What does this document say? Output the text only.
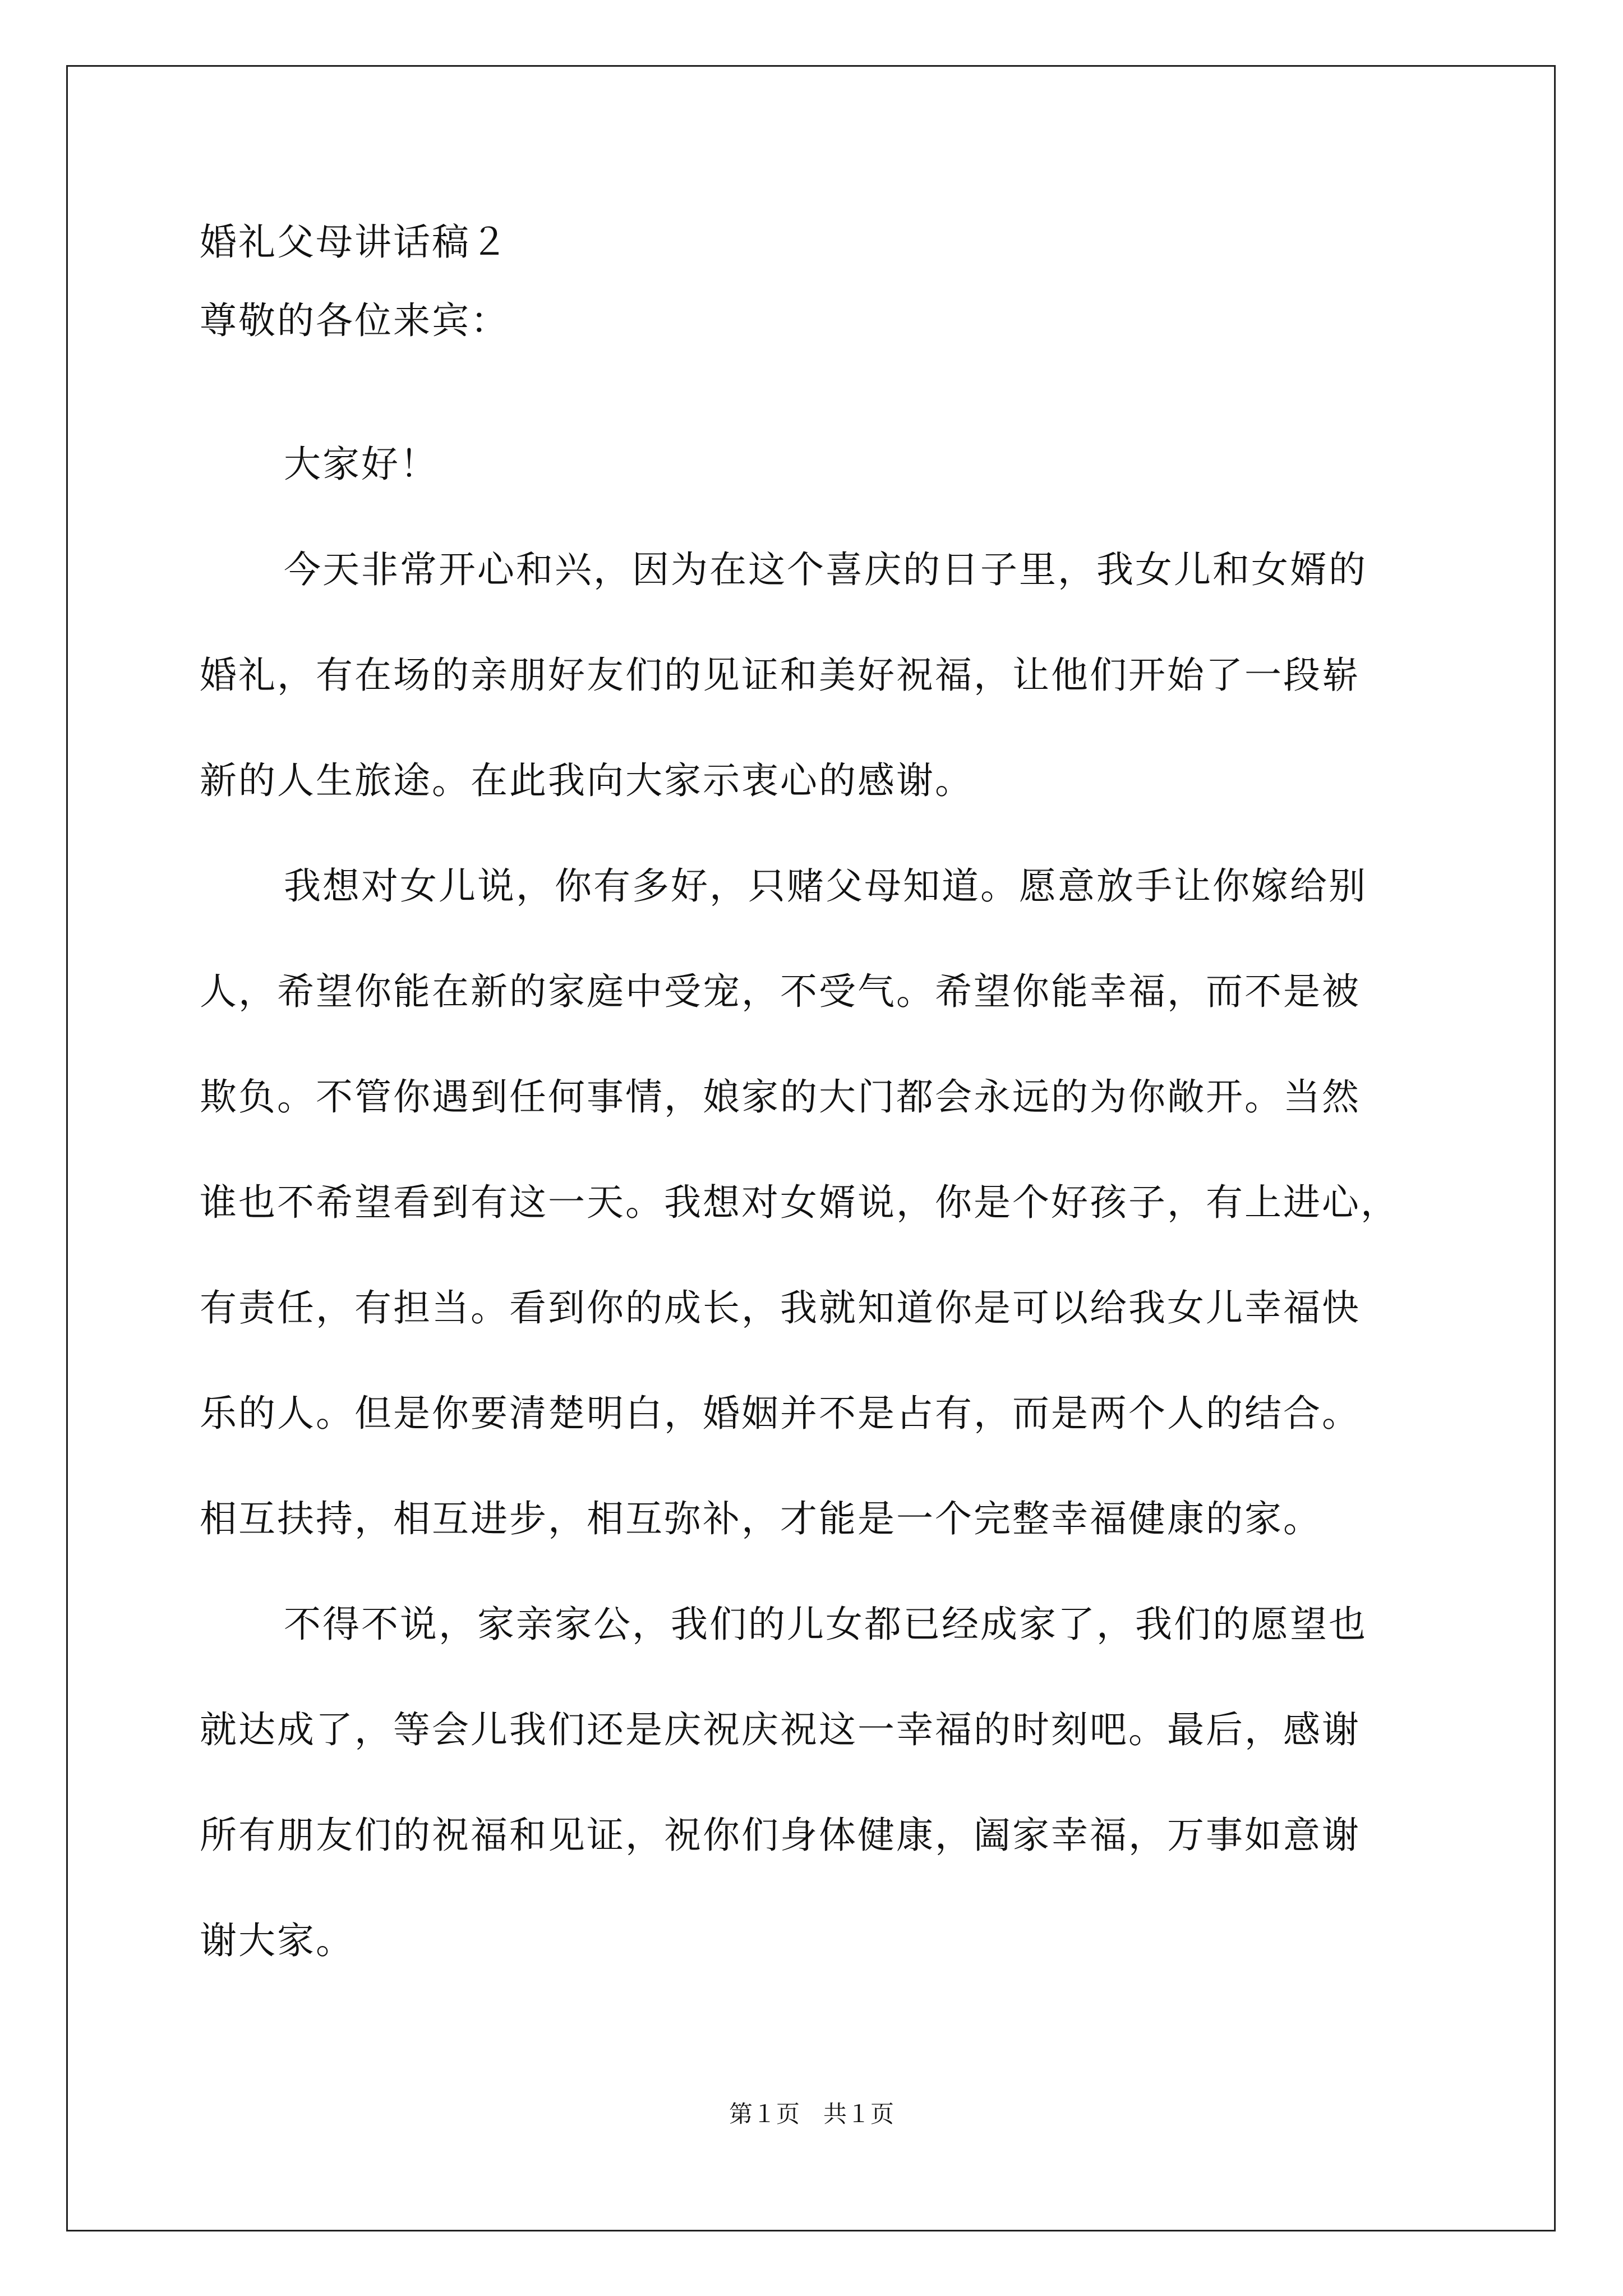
婚礼父母讲话稿２
尊敬的各位来宾：
大家好！
今天非常开心和兴，因为在这个喜庆的日子里，我女儿和女婿的
婚礼，有在场的亲朋好友们的见证和美好祝福，让他们开始了一段崭
新的人生旅途。在此我向大家示衷心的感谢。
我想对女儿说，你有多好，只赌父母知道。愿意放手让你嫁给别
人，希望你能在新的家庭中受宠，不受气。希望你能幸福，而不是被
欺负。不管你遇到任何事情，娘家的大门都会永远的为你敞开。当然
谁也不希望看到有这一天。我想对女婿说，你是个好孩子，有上进心，
有责任，有担当。看到你的成长，我就知道你是可以给我女儿幸福快
乐的人。但是你要清楚明白，婚姻并不是占有，而是两个人的结合。
相互扶持，相互进步，相互弥补，才能是一个完整幸福健康的家。
不得不说，家亲家公，我们的儿女都已经成家了，我们的愿望也
就达成了，等会儿我们还是庆祝庆祝这一幸福的时刻吧。最后，感谢
所有朋友们的祝福和见证，祝你们身体健康，阖家幸福，万事如意谢
谢大家。
第１页　共１页
